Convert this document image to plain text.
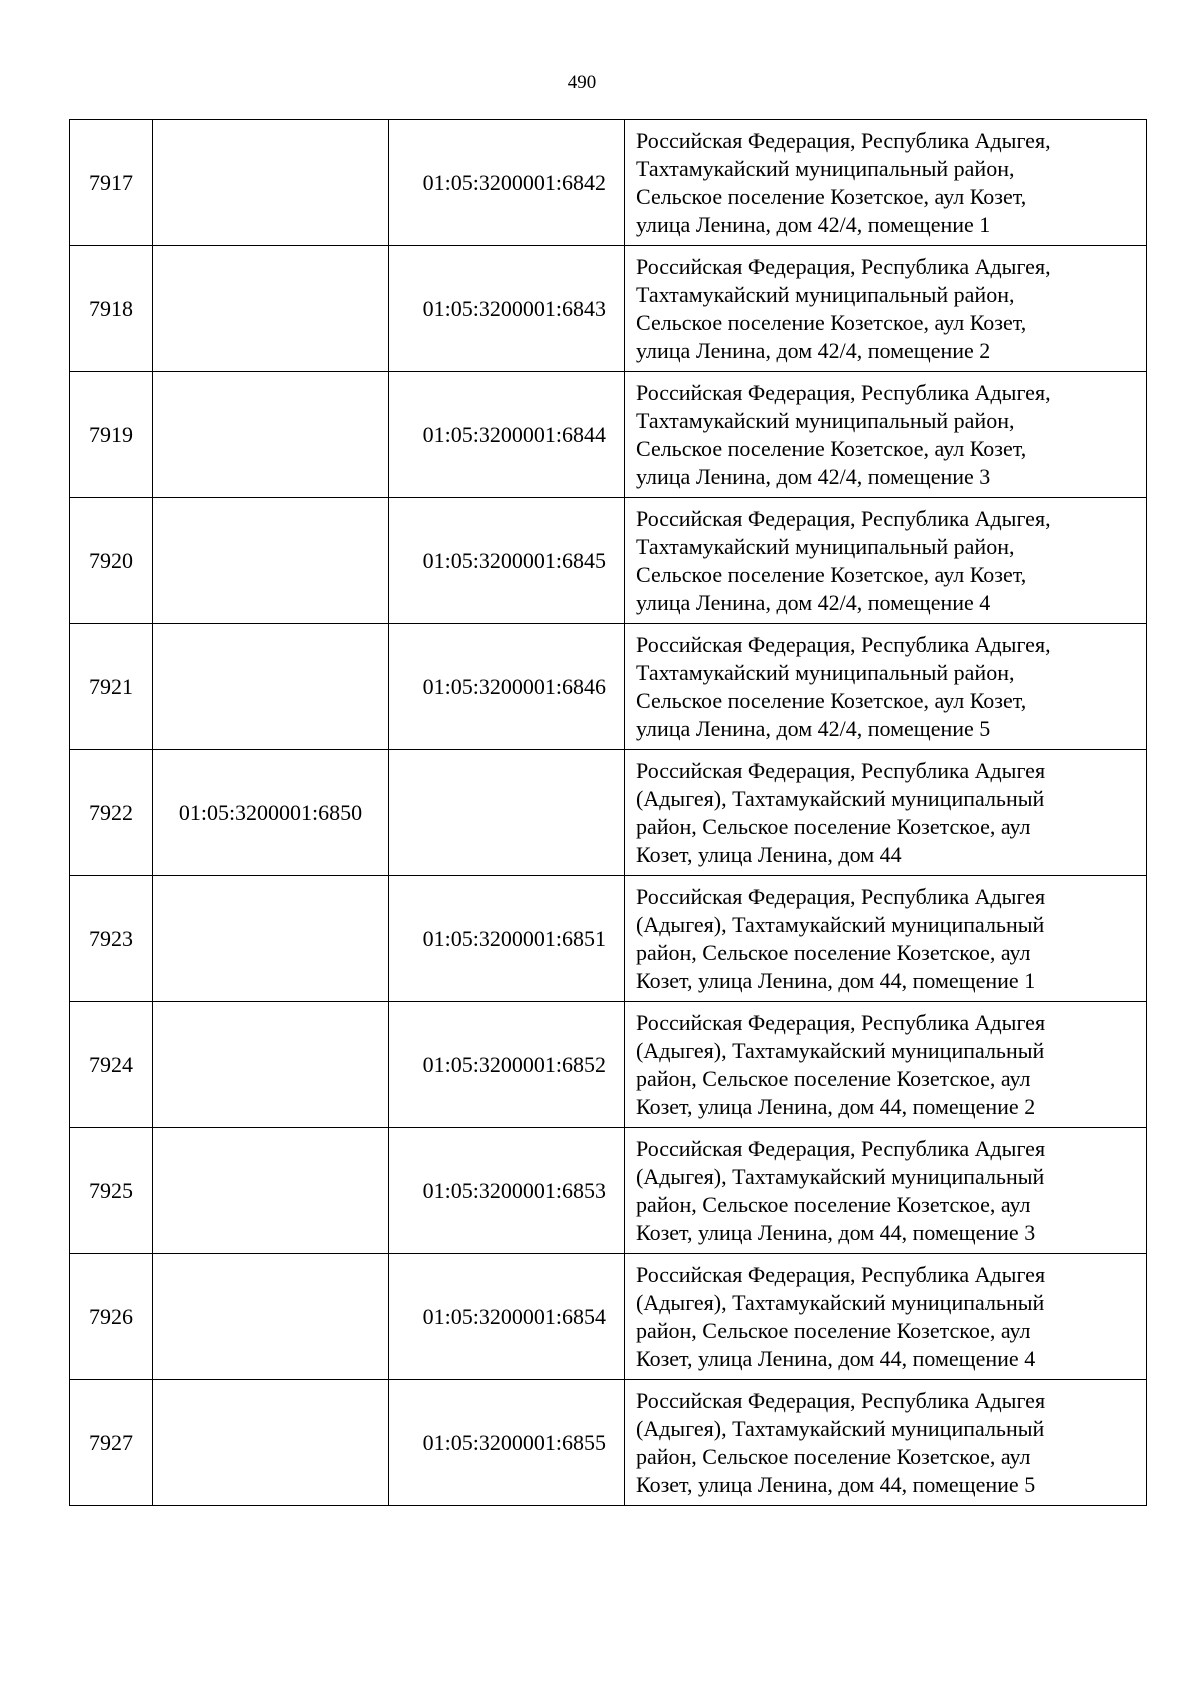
490
7917		01:05:3200001:6842	Российская Федерация, Республика Адыгея,
Тахтамукайский муниципальный район,
Сельское поселение Козетское, аул Козет,
улица Ленина, дом 42/4, помещение 1

7918		01:05:3200001:6843	Российская Федерация, Республика Адыгея,
Тахтамукайский муниципальный район,
Сельское поселение Козетское, аул Козет,
улица Ленина, дом 42/4, помещение 2

7919		01:05:3200001:6844	Российская Федерация, Республика Адыгея,
Тахтамукайский муниципальный район,
Сельское поселение Козетское, аул Козет,
улица Ленина, дом 42/4, помещение 3

7920		01:05:3200001:6845	Российская Федерация, Республика Адыгея,
Тахтамукайский муниципальный район,
Сельское поселение Козетское, аул Козет,
улица Ленина, дом 42/4, помещение 4

7921		01:05:3200001:6846	Российская Федерация, Республика Адыгея,
Тахтамукайский муниципальный район,
Сельское поселение Козетское, аул Козет,
улица Ленина, дом 42/4, помещение 5

7922	01:05:3200001:6850		Российская Федерация, Республика Адыгея
(Адыгея), Тахтамукайский муниципальный
район, Сельское поселение Козетское, аул
Козет, улица Ленина, дом 44

7923		01:05:3200001:6851	Российская Федерация, Республика Адыгея
(Адыгея), Тахтамукайский муниципальный
район, Сельское поселение Козетское, аул
Козет, улица Ленина, дом 44, помещение 1

7924		01:05:3200001:6852	Российская Федерация, Республика Адыгея
(Адыгея), Тахтамукайский муниципальный
район, Сельское поселение Козетское, аул
Козет, улица Ленина, дом 44, помещение 2

7925		01:05:3200001:6853	Российская Федерация, Республика Адыгея
(Адыгея), Тахтамукайский муниципальный
район, Сельское поселение Козетское, аул
Козет, улица Ленина, дом 44, помещение 3

7926		01:05:3200001:6854	Российская Федерация, Республика Адыгея
(Адыгея), Тахтамукайский муниципальный
район, Сельское поселение Козетское, аул
Козет, улица Ленина, дом 44, помещение 4

7927		01:05:3200001:6855	Российская Федерация, Республика Адыгея
(Адыгея), Тахтамукайский муниципальный
район, Сельское поселение Козетское, аул
Козет, улица Ленина, дом 44, помещение 5
